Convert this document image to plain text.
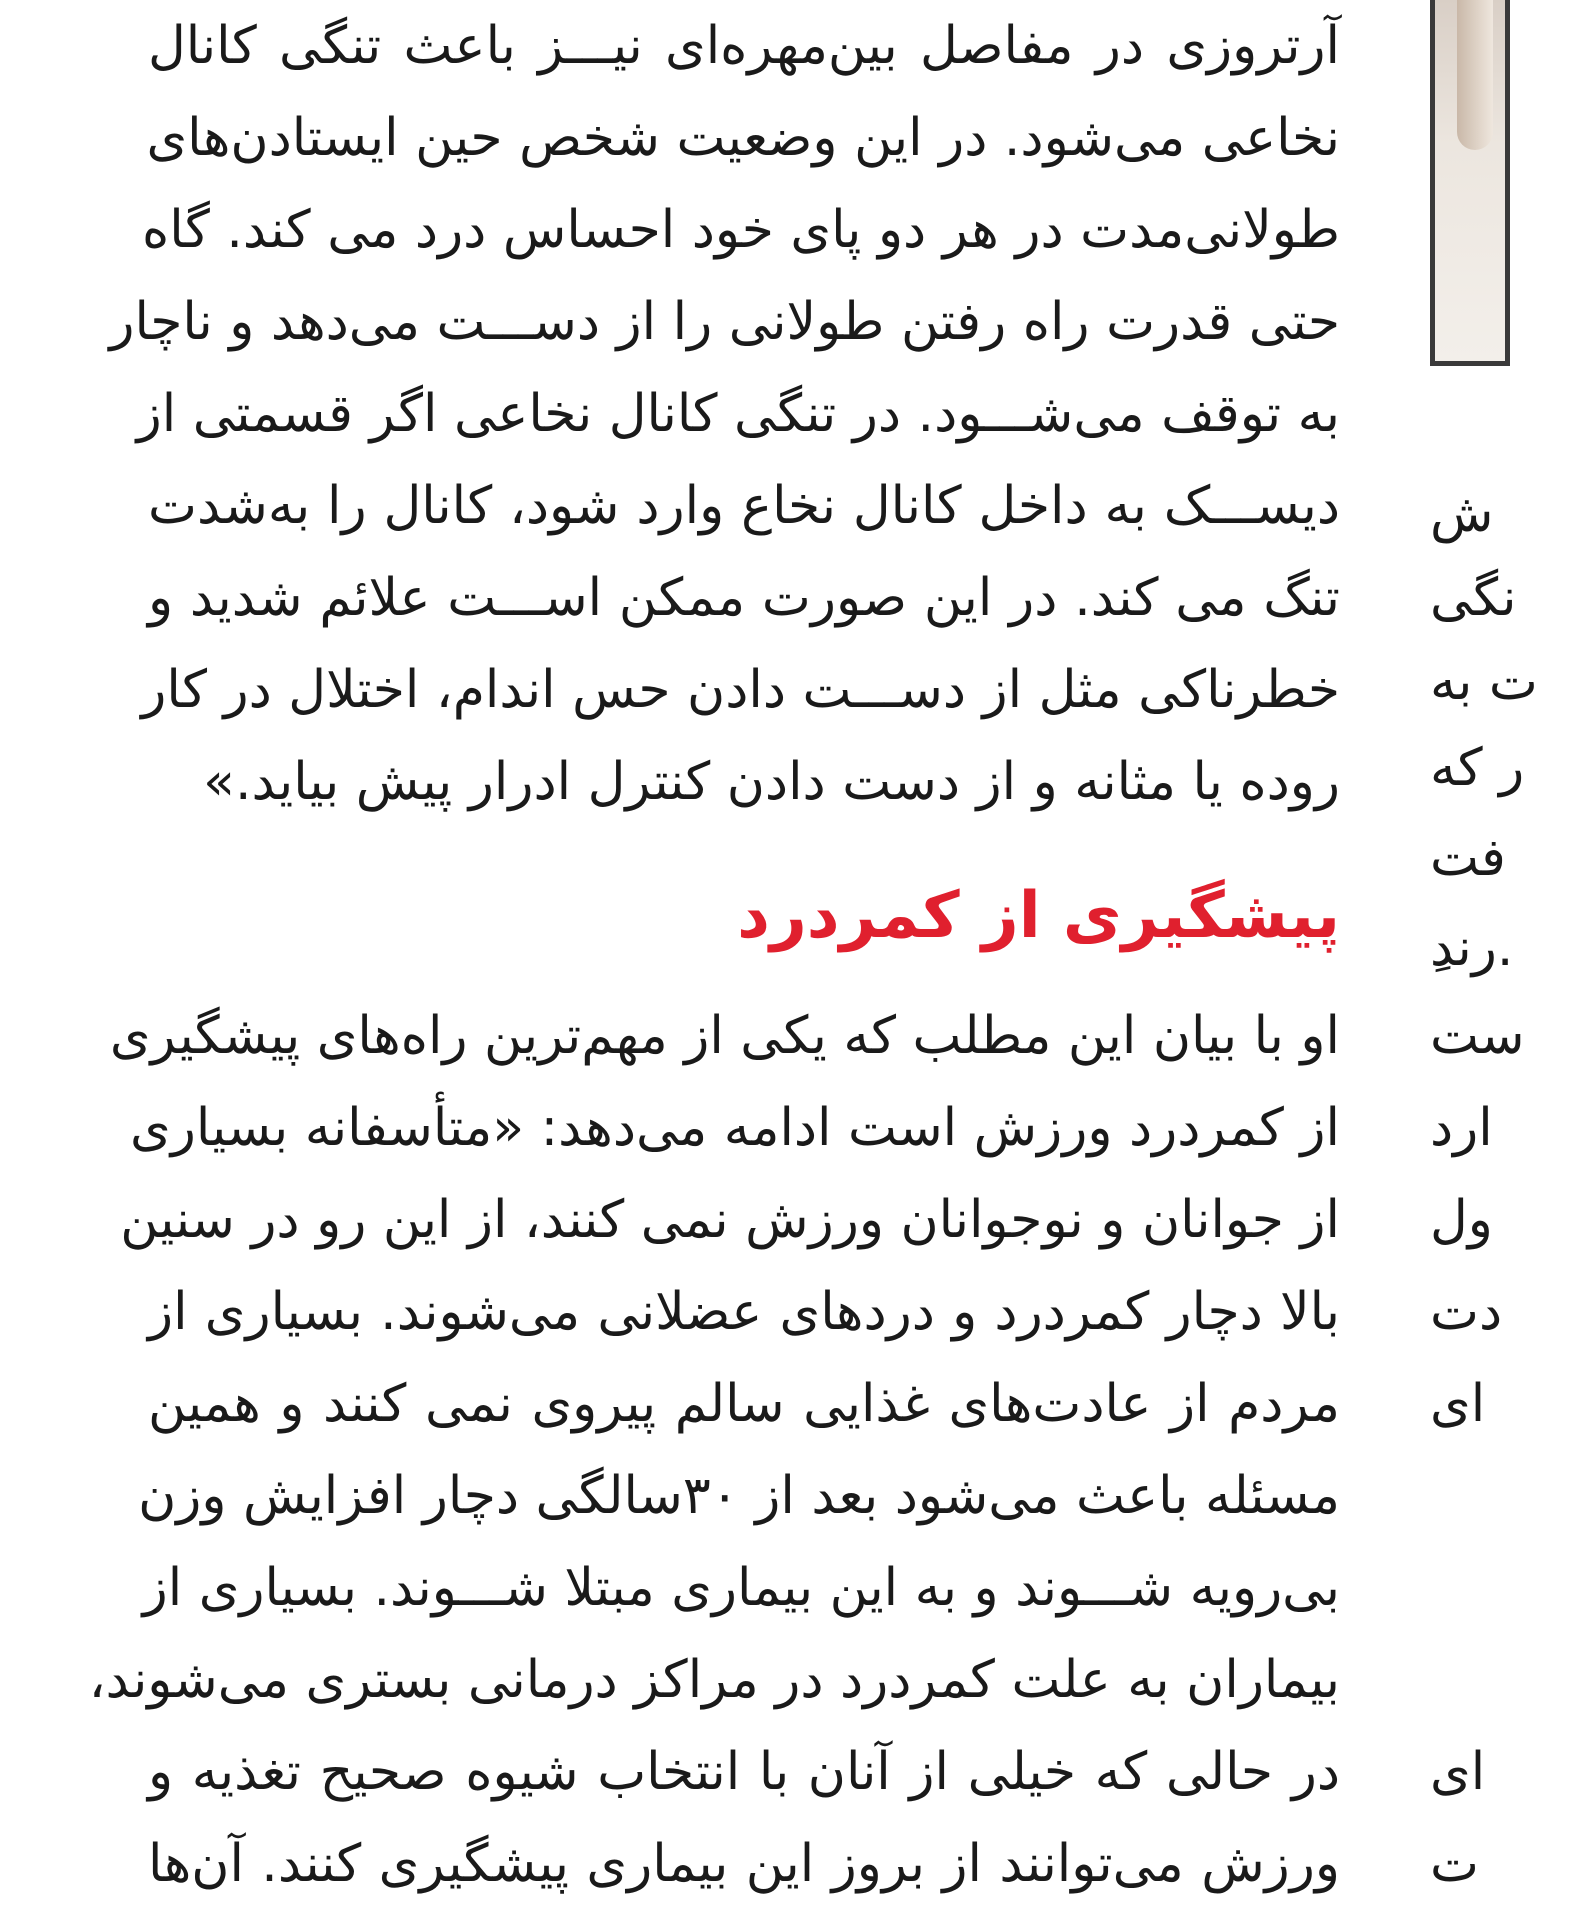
آرتروزی در مفاصل بین‌مهره‌ای نیـــز باعث تنگی کانال
نخاعی می‌شود. در این وضعیت شخص حین ایستادن‌های
طولانی‌مدت در هر دو پای خود احساس درد می کند. گاه
حتی قدرت راه رفتن طولانی را از دســـت می‌دهد و ناچار
به توقف می‌شـــود. در تنگی کانال نخاعی اگر قسمتی از
دیســـک به داخل کانال نخاع وارد شود، کانال را به‌شدت
تنگ می کند. در این صورت ممکن اســـت علائم شدید و
خطرناکی مثل از دســـت دادن حس اندام، اختلال در کار
روده یا مثانه و از دست دادن کنترل ادرار پیش بیاید.»
پیشگیری از کمردرد
او با بیان این مطلب که یکی از مهم‌ترین راه‌های پیشگیری
از کمردرد ورزش است ادامه می‌دهد: «متأسفانه بسیاری
از جوانان و نوجوانان ورزش نمی کنند، از این رو در سنین
بالا دچار کمردرد و دردهای عضلانی می‌شوند. بسیاری از
مردم از عادت‌های غذایی سالم پیروی نمی کنند و همین
مسئله باعث می‌شود بعد از ۳۰سالگی دچار افزایش وزن
بی‌رویه شـــوند و به این بیماری مبتلا شـــوند. بسیاری از
بیماران به علت کمردرد در مراکز درمانی بستری می‌شوند،
در حالی که خیلی از آنان با انتخاب شیوه صحیح تغذیه و
ورزش می‌توانند از بروز این بیماری پیشگیری کنند. آن‌ها
ش
نگی
ت به
ر که
فت
ِرند.
ست
ارد
ول
دت
ای
ای
ت
